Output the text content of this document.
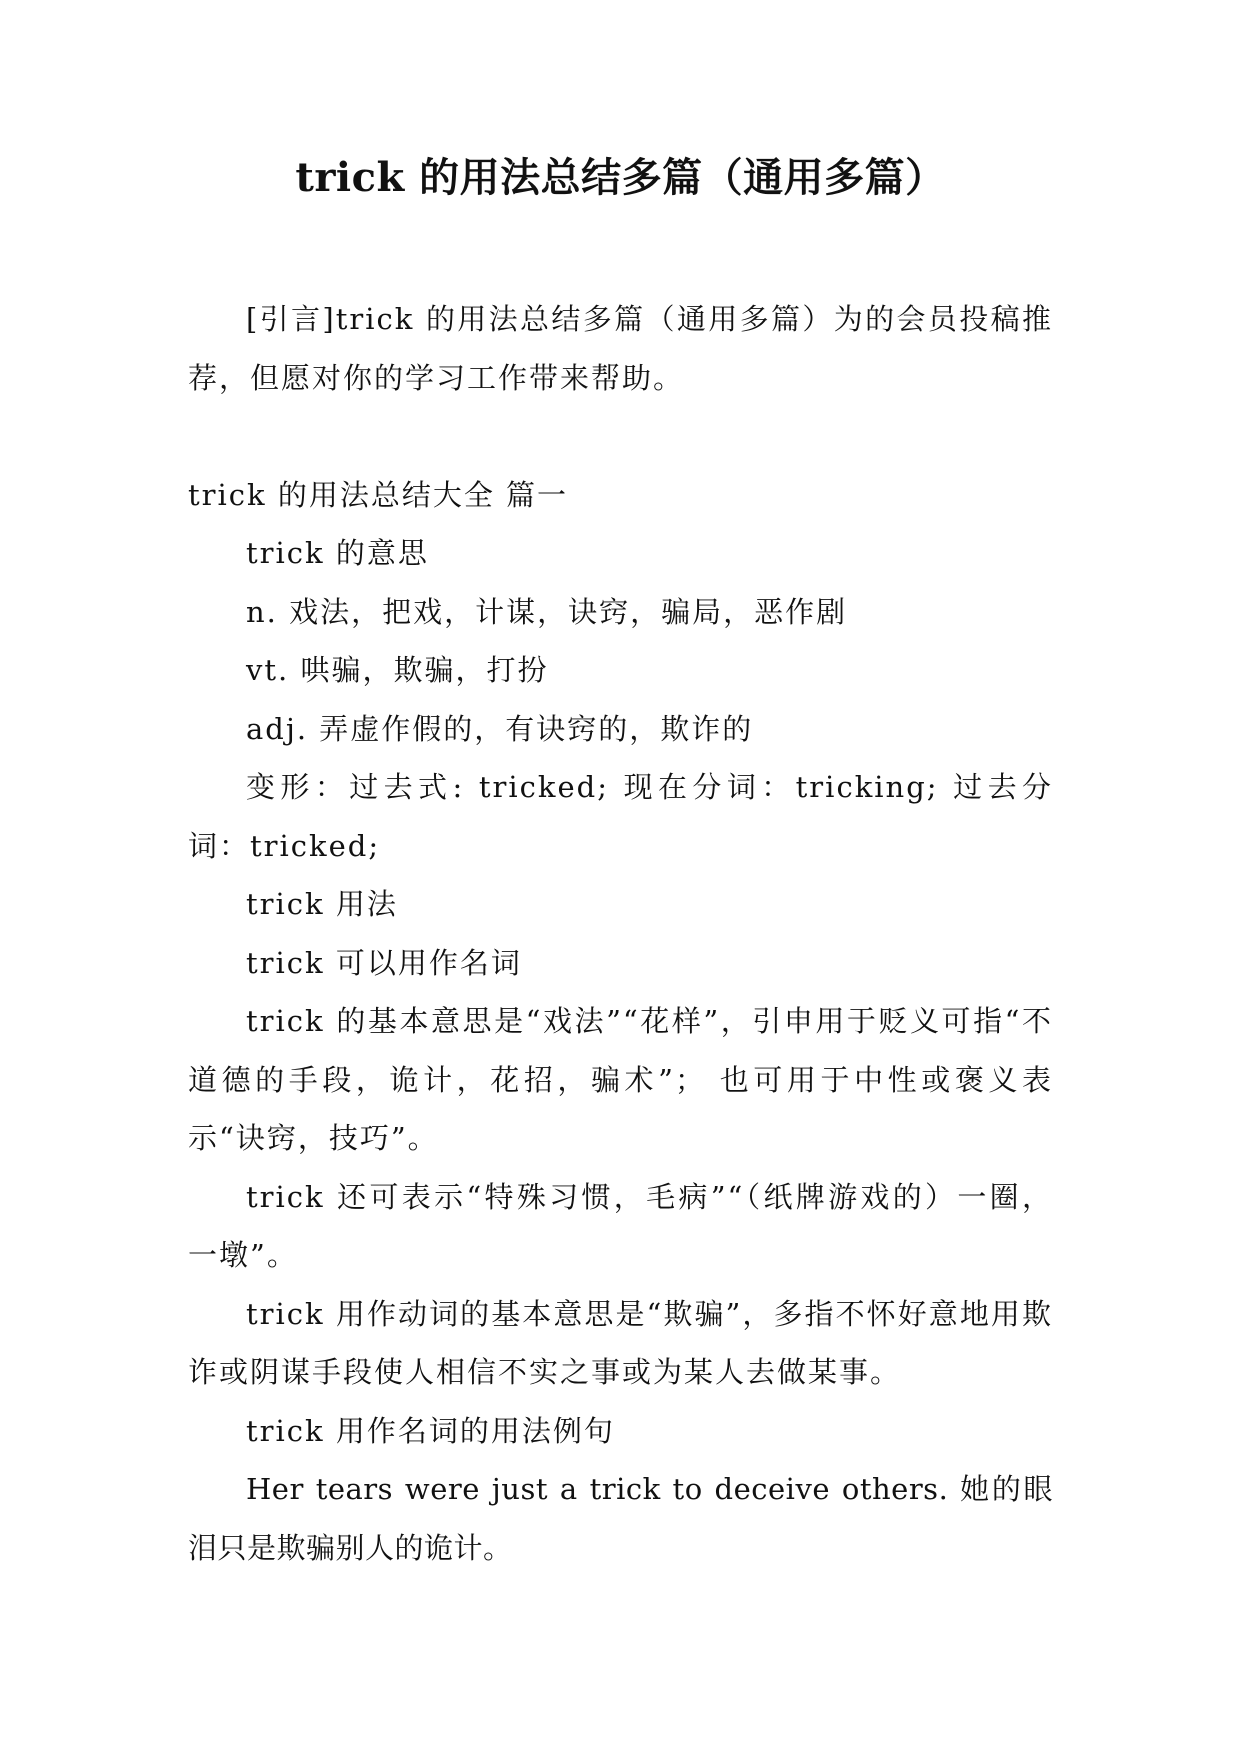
trick 的用法总结多篇（通用多篇）

[引言]trick 的用法总结多篇（通用多篇）为的会员投稿推荐，但愿对你的学习工作带来帮助。

trick 的用法总结大全 篇一

trick 的意思

n. 戏法，把戏，计谋，诀窍，骗局，恶作剧

vt. 哄骗，欺骗，打扮

adj. 弄虚作假的，有诀窍的，欺诈的

变形：过去式: tricked; 现在分词：tricking; 过去分词：tricked;

trick 用法

trick 可以用作名词

trick 的基本意思是“戏法”“花样”，引申用于贬义可指“不道德的手段，诡计，花招，骗术”； 也可用于中性或褒义表示“诀窍，技巧”。

trick 还可表示“特殊习惯，毛病”“（纸牌游戏的）一圈，一墩”。

trick 用作动词的基本意思是“欺骗”，多指不怀好意地用欺诈或阴谋手段使人相信不实之事或为某人去做某事。

trick 用作名词的用法例句

Her tears were just a trick to deceive others. 她的眼泪只是欺骗别人的诡计。
